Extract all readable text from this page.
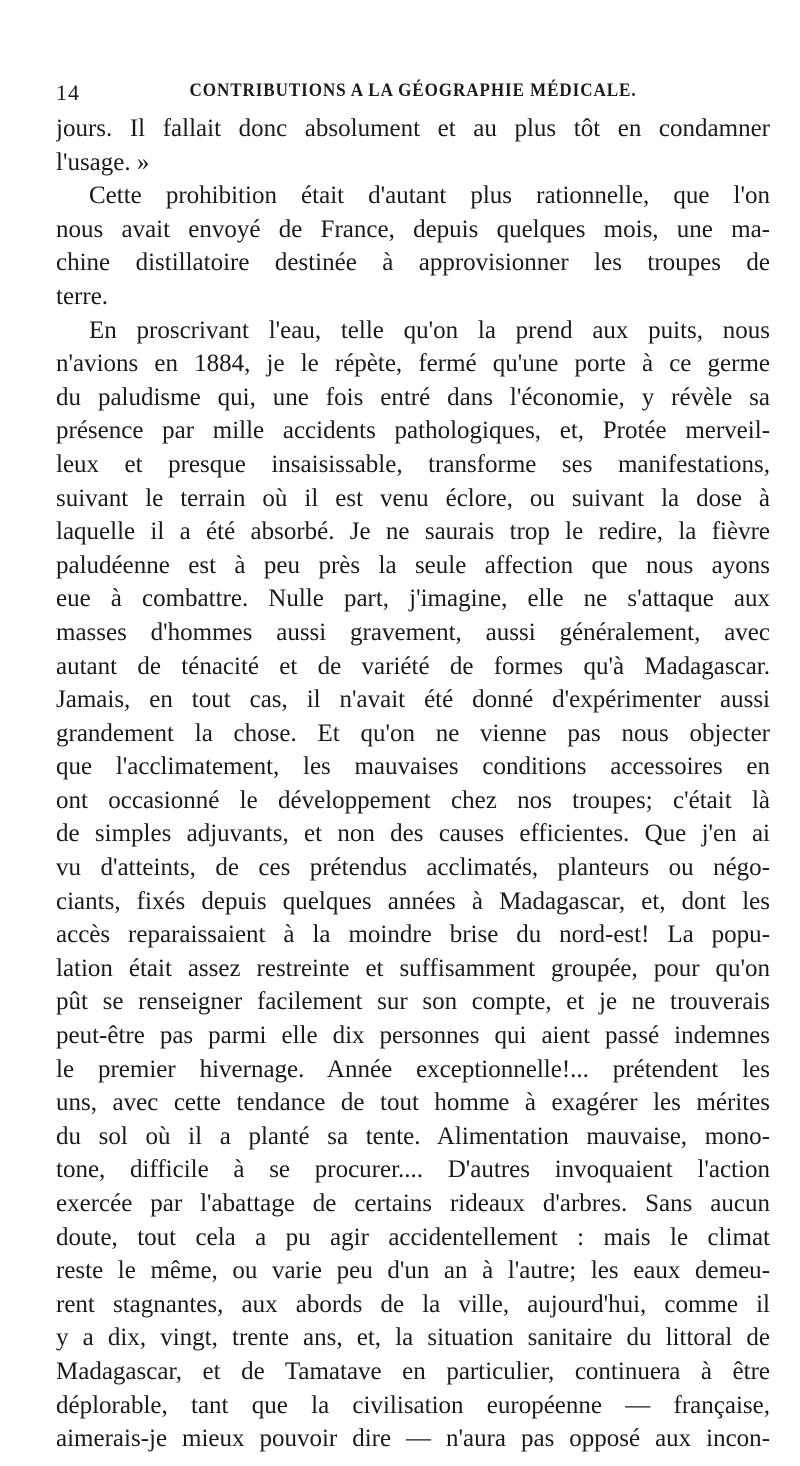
14	CONTRIBUTIONS A LA GÉOGRAPHIE MÉDICALE.
jours. Il fallait donc absolument et au plus tôt en condamner
l'usage. »
Cette prohibition était d'autant plus rationnelle, que l'on
nous avait envoyé de France, depuis quelques mois, une ma-
chine distillatoire destinée à approvisionner les troupes de
terre.
En proscrivant l'eau, telle qu'on la prend aux puits, nous
n'avions en 1884, je le répète, fermé qu'une porte à ce germe
du paludisme qui, une fois entré dans l'économie, y révèle sa
présence par mille accidents pathologiques, et, Protée merveil-
leux et presque insaisissable, transforme ses manifestations,
suivant le terrain où il est venu éclore, ou suivant la dose à
laquelle il a été absorbé. Je ne saurais trop le redire, la fièvre
paludéenne est à peu près la seule affection que nous ayons
eue à combattre. Nulle part, j'imagine, elle ne s'attaque aux
masses d'hommes aussi gravement, aussi généralement, avec
autant de ténacité et de variété de formes qu'à Madagascar.
Jamais, en tout cas, il n'avait été donné d'expérimenter aussi
grandement la chose. Et qu'on ne vienne pas nous objecter
que l'acclimatement, les mauvaises conditions accessoires en
ont occasionné le développement chez nos troupes; c'était là
de simples adjuvants, et non des causes efficientes. Que j'en ai
vu d'atteints, de ces prétendus acclimatés, planteurs ou négo-
ciants, fixés depuis quelques années à Madagascar, et, dont les
accès reparaissaient à la moindre brise du nord-est! La popu-
lation était assez restreinte et suffisamment groupée, pour qu'on
pût se renseigner facilement sur son compte, et je ne trouverais
peut-être pas parmi elle dix personnes qui aient passé indemnes
le premier hivernage. Année exceptionnelle!... prétendent les
uns, avec cette tendance de tout homme à exagérer les mérites
du sol où il a planté sa tente. Alimentation mauvaise, mono-
tone, difficile à se procurer.... D'autres invoquaient l'action
exercée par l'abattage de certains rideaux d'arbres. Sans aucun
doute, tout cela a pu agir accidentellement : mais le climat
reste le même, ou varie peu d'un an à l'autre; les eaux demeu-
rent stagnantes, aux abords de la ville, aujourd'hui, comme il
y a dix, vingt, trente ans, et, la situation sanitaire du littoral de
Madagascar, et de Tamatave en particulier, continuera à être
déplorable, tant que la civilisation européenne — française,
aimerais-je mieux pouvoir dire — n'aura pas opposé aux incon-
